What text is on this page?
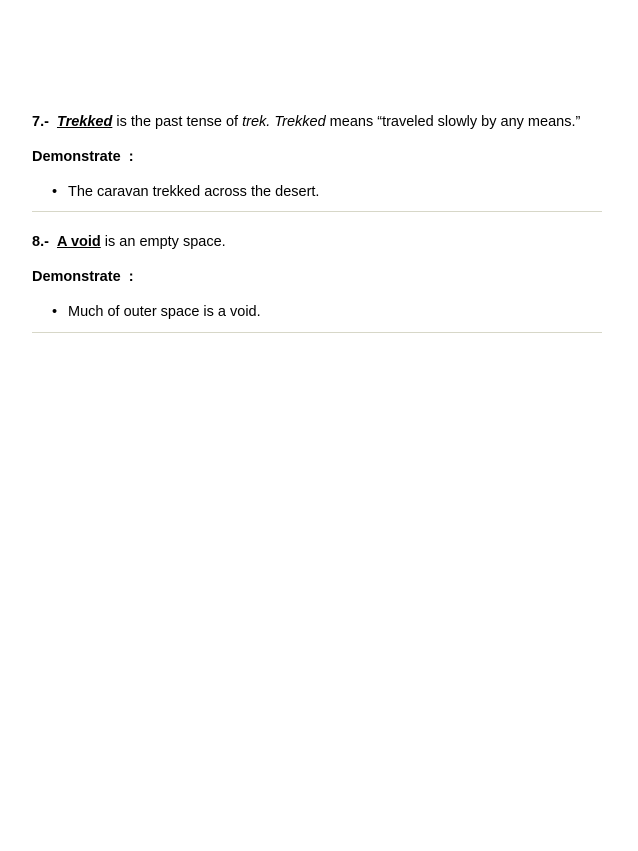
7.- Trekked is the past tense of trek. Trekked means “traveled slowly by any means.”
Demonstrate  :
• The caravan trekked across the desert.
8.- A void is an empty space.
Demonstrate  :
• Much of outer space is a void.
